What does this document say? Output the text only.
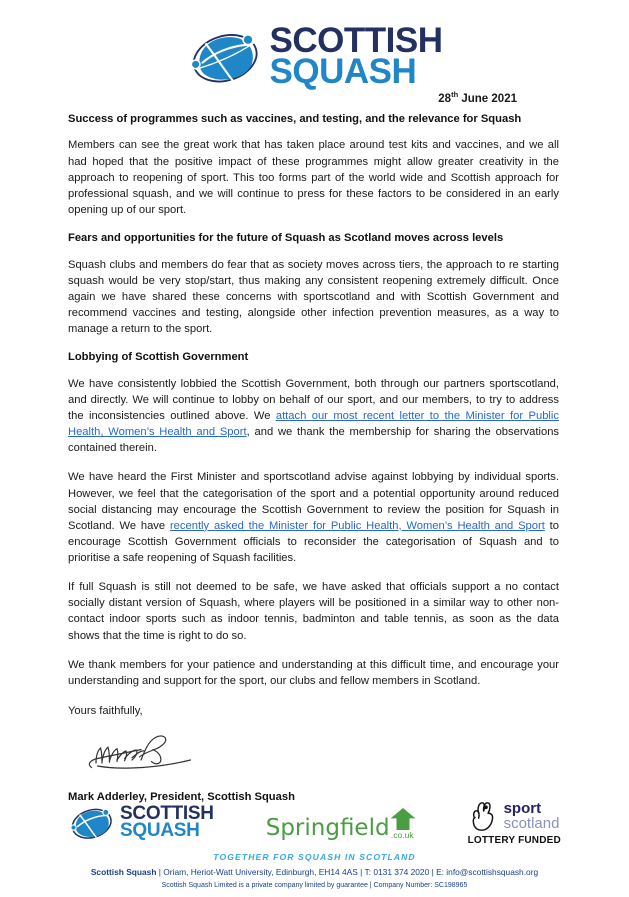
SCOTTISH
SQUASH
28th June 2021
Success of programmes such as vaccines, and testing, and the relevance for Squash

Members can see the great work that has taken place around test kits and vaccines, and we all had hoped that the positive impact of these programmes might allow greater creativity in the approach to reopening of sport. This too forms part of the world wide and Scottish approach for professional squash, and we will continue to press for these factors to be considered in an early opening up of our sport.

Fears and opportunities for the future of Squash as Scotland moves across levels

Squash clubs and members do fear that as society moves across tiers, the approach to re starting squash would be very stop/start, thus making any consistent reopening extremely difficult. Once again we have shared these concerns with sportscotland and with Scottish Government and recommend vaccines and testing, alongside other infection prevention measures, as a way to manage a return to the sport.

Lobbying of Scottish Government

We have consistently lobbied the Scottish Government, both through our partners sportscotland, and directly. We will continue to lobby on behalf of our sport, and our members, to try to address the inconsistencies outlined above. We attach our most recent letter to the Minister for Public Health, Women’s Health and Sport, and we thank the membership for sharing the observations contained therein.

We have heard the First Minister and sportscotland advise against lobbying by individual sports. However, we feel that the categorisation of the sport and a potential opportunity around reduced social distancing may encourage the Scottish Government to review the position for Squash in Scotland. We have recently asked the Minister for Public Health, Women’s Health and Sport to encourage Scottish Government officials to reconsider the categorisation of Squash and to prioritise a safe reopening of Squash facilities.

If full Squash is still not deemed to be safe, we have asked that officials support a no contact socially distant version of Squash, where players will be positioned in a similar way to other non-contact indoor sports such as indoor tennis, badminton and table tennis, as soon as the data shows that the time is right to do so.

We thank members for your patience and understanding at this difficult time, and encourage your understanding and support for the sport, our clubs and fellow members in Scotland.

Yours faithfully,
Mark Adderley, President, Scottish Squash
SCOTTISH
SQUASH	Springfield .co.uk
sport
scotland
LOTTERY FUNDED
TOGETHER FOR SQUASH IN SCOTLAND
Scottish Squash | Oriam, Heriot-Watt University, Edinburgh, EH14 4AS | T: 0131 374 2020 | E: info@scottishsquash.org
Scottish Squash Limited is a private company limited by guarantee | Company Number: SC198965
